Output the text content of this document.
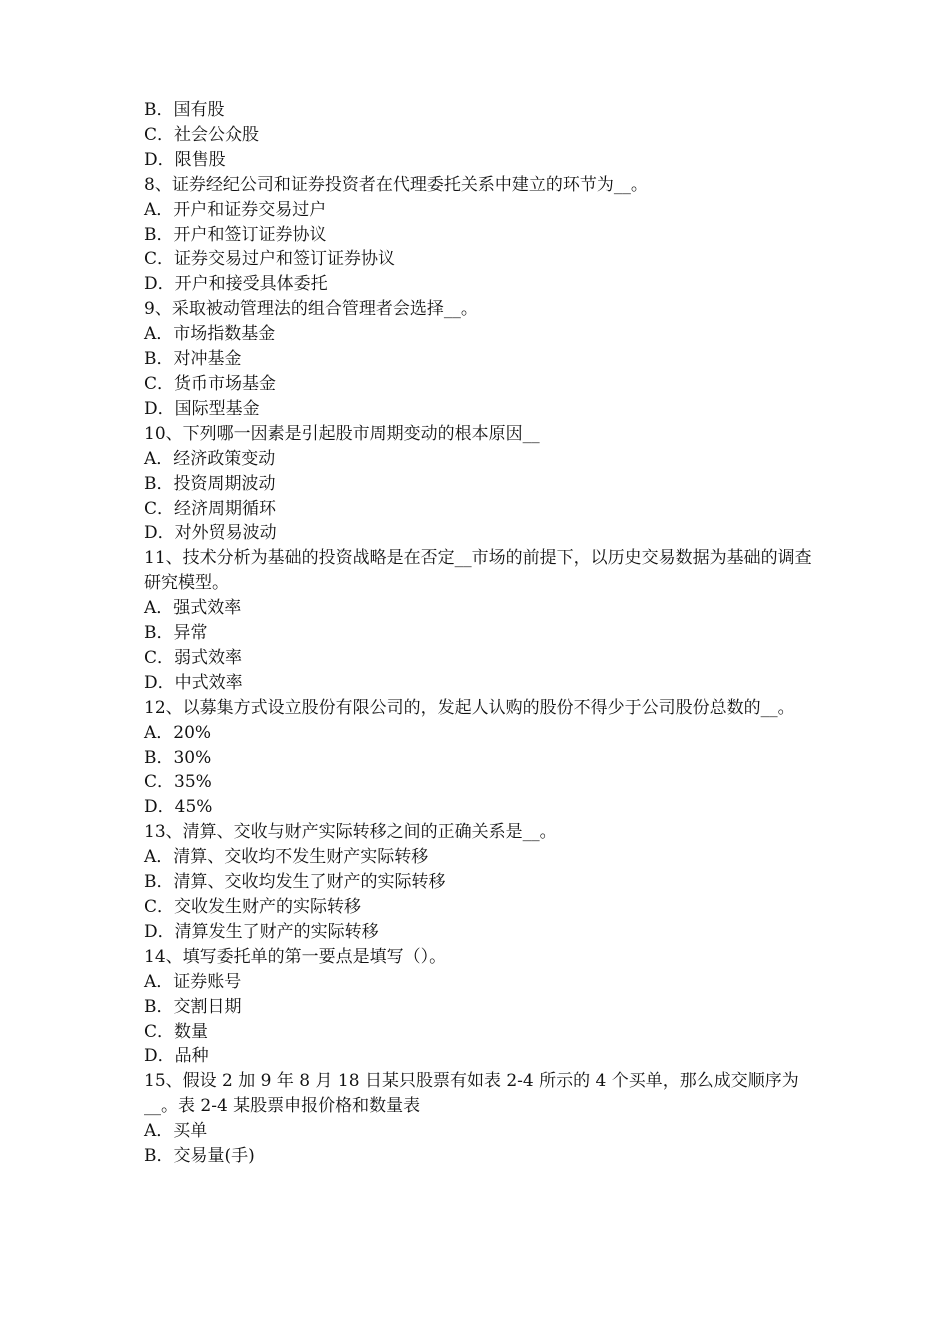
B．国有股

C．社会公众股

D．限售股

8、证券经纪公司和证券投资者在代理委托关系中建立的环节为__。

A．开户和证券交易过户

B．开户和签订证券协议

C．证券交易过户和签订证券协议

D．开户和接受具体委托

9、采取被动管理法的组合管理者会选择__。

A．市场指数基金

B．对冲基金

C．货币市场基金

D．国际型基金

10、下列哪一因素是引起股市周期变动的根本原因__

A．经济政策变动

B．投资周期波动

C．经济周期循环

D．对外贸易波动

11、技术分析为基础的投资战略是在否定__市场的前提下，以历史交易数据为基础的调查研究模型。

A．强式效率

B．异常

C．弱式效率

D．中式效率

12、以募集方式设立股份有限公司的，发起人认购的股份不得少于公司股份总数的__。

A．20%

B．30%

C．35%

D．45%

13、清算、交收与财产实际转移之间的正确关系是__。

A．清算、交收均不发生财产实际转移

B．清算、交收均发生了财产的实际转移

C．交收发生财产的实际转移

D．清算发生了财产的实际转移

14、填写委托单的第一要点是填写（）。

A．证券账号

B．交割日期

C．数量

D．品种

15、假设 2 加 9 年 8 月 18 日某只股票有如表 2-4 所示的 4 个买单，那么成交顺序为__。表 2-4 某股票申报价格和数量表

A．买单

B．交易量(手)
